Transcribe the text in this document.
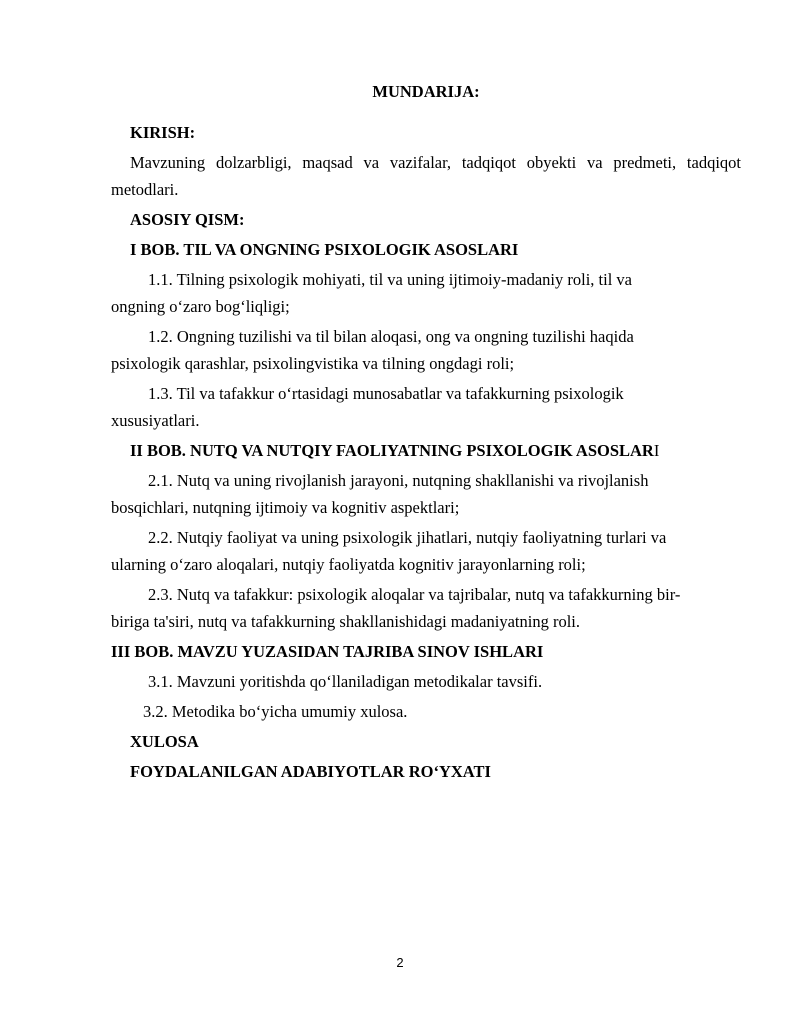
MUNDARIJA:
KIRISH:
Mavzuning dolzarbligi, maqsad va vazifalar, tadqiqot obyekti va predmeti, tadqiqot
metodlari.
ASOSIY QISM:
I BOB. TIL VA ONGNING PSIXOLOGIK ASOSLARI
1.1. Tilning psixologik mohiyati, til va uning ijtimoiy-madaniy roli, til va
ongning o‘zaro bog‘liqligi;
1.2. Ongning tuzilishi va til bilan aloqasi, ong va ongning tuzilishi haqida
psixologik qarashlar, psixolingvistika va tilning ongdagi roli;
1.3. Til va tafakkur o‘rtasidagi munosabatlar va tafakkurning psixologik
xususiyatlari.
II BOB. NUTQ VA NUTQIY FAOLIYATNING PSIXOLOGIK ASOSLARI
2.1. Nutq va uning rivojlanish jarayoni, nutqning shakllanishi va rivojlanish
bosqichlari, nutqning ijtimoiy va kognitiv aspektlari;
2.2. Nutqiy faoliyat va uning psixologik jihatlari, nutqiy faoliyatning turlari va
ularning o‘zaro aloqalari, nutqiy faoliyatda kognitiv jarayonlarning roli;
2.3. Nutq va tafakkur: psixologik aloqalar va tajribalar, nutq va tafakkurning bir-
biriga ta'siri, nutq va tafakkurning shakllanishidagi madaniyatning roli.
III BOB. MAVZU YUZASIDAN TAJRIBA SINOV ISHLARI
3.1. Mavzuni yoritishda qo‘llaniladigan metodikalar tavsifi.
3.2. Metodika bo‘yicha umumiy xulosa.
XULOSA
FOYDALANILGAN ADABIYOTLAR RO‘YXATI
2
